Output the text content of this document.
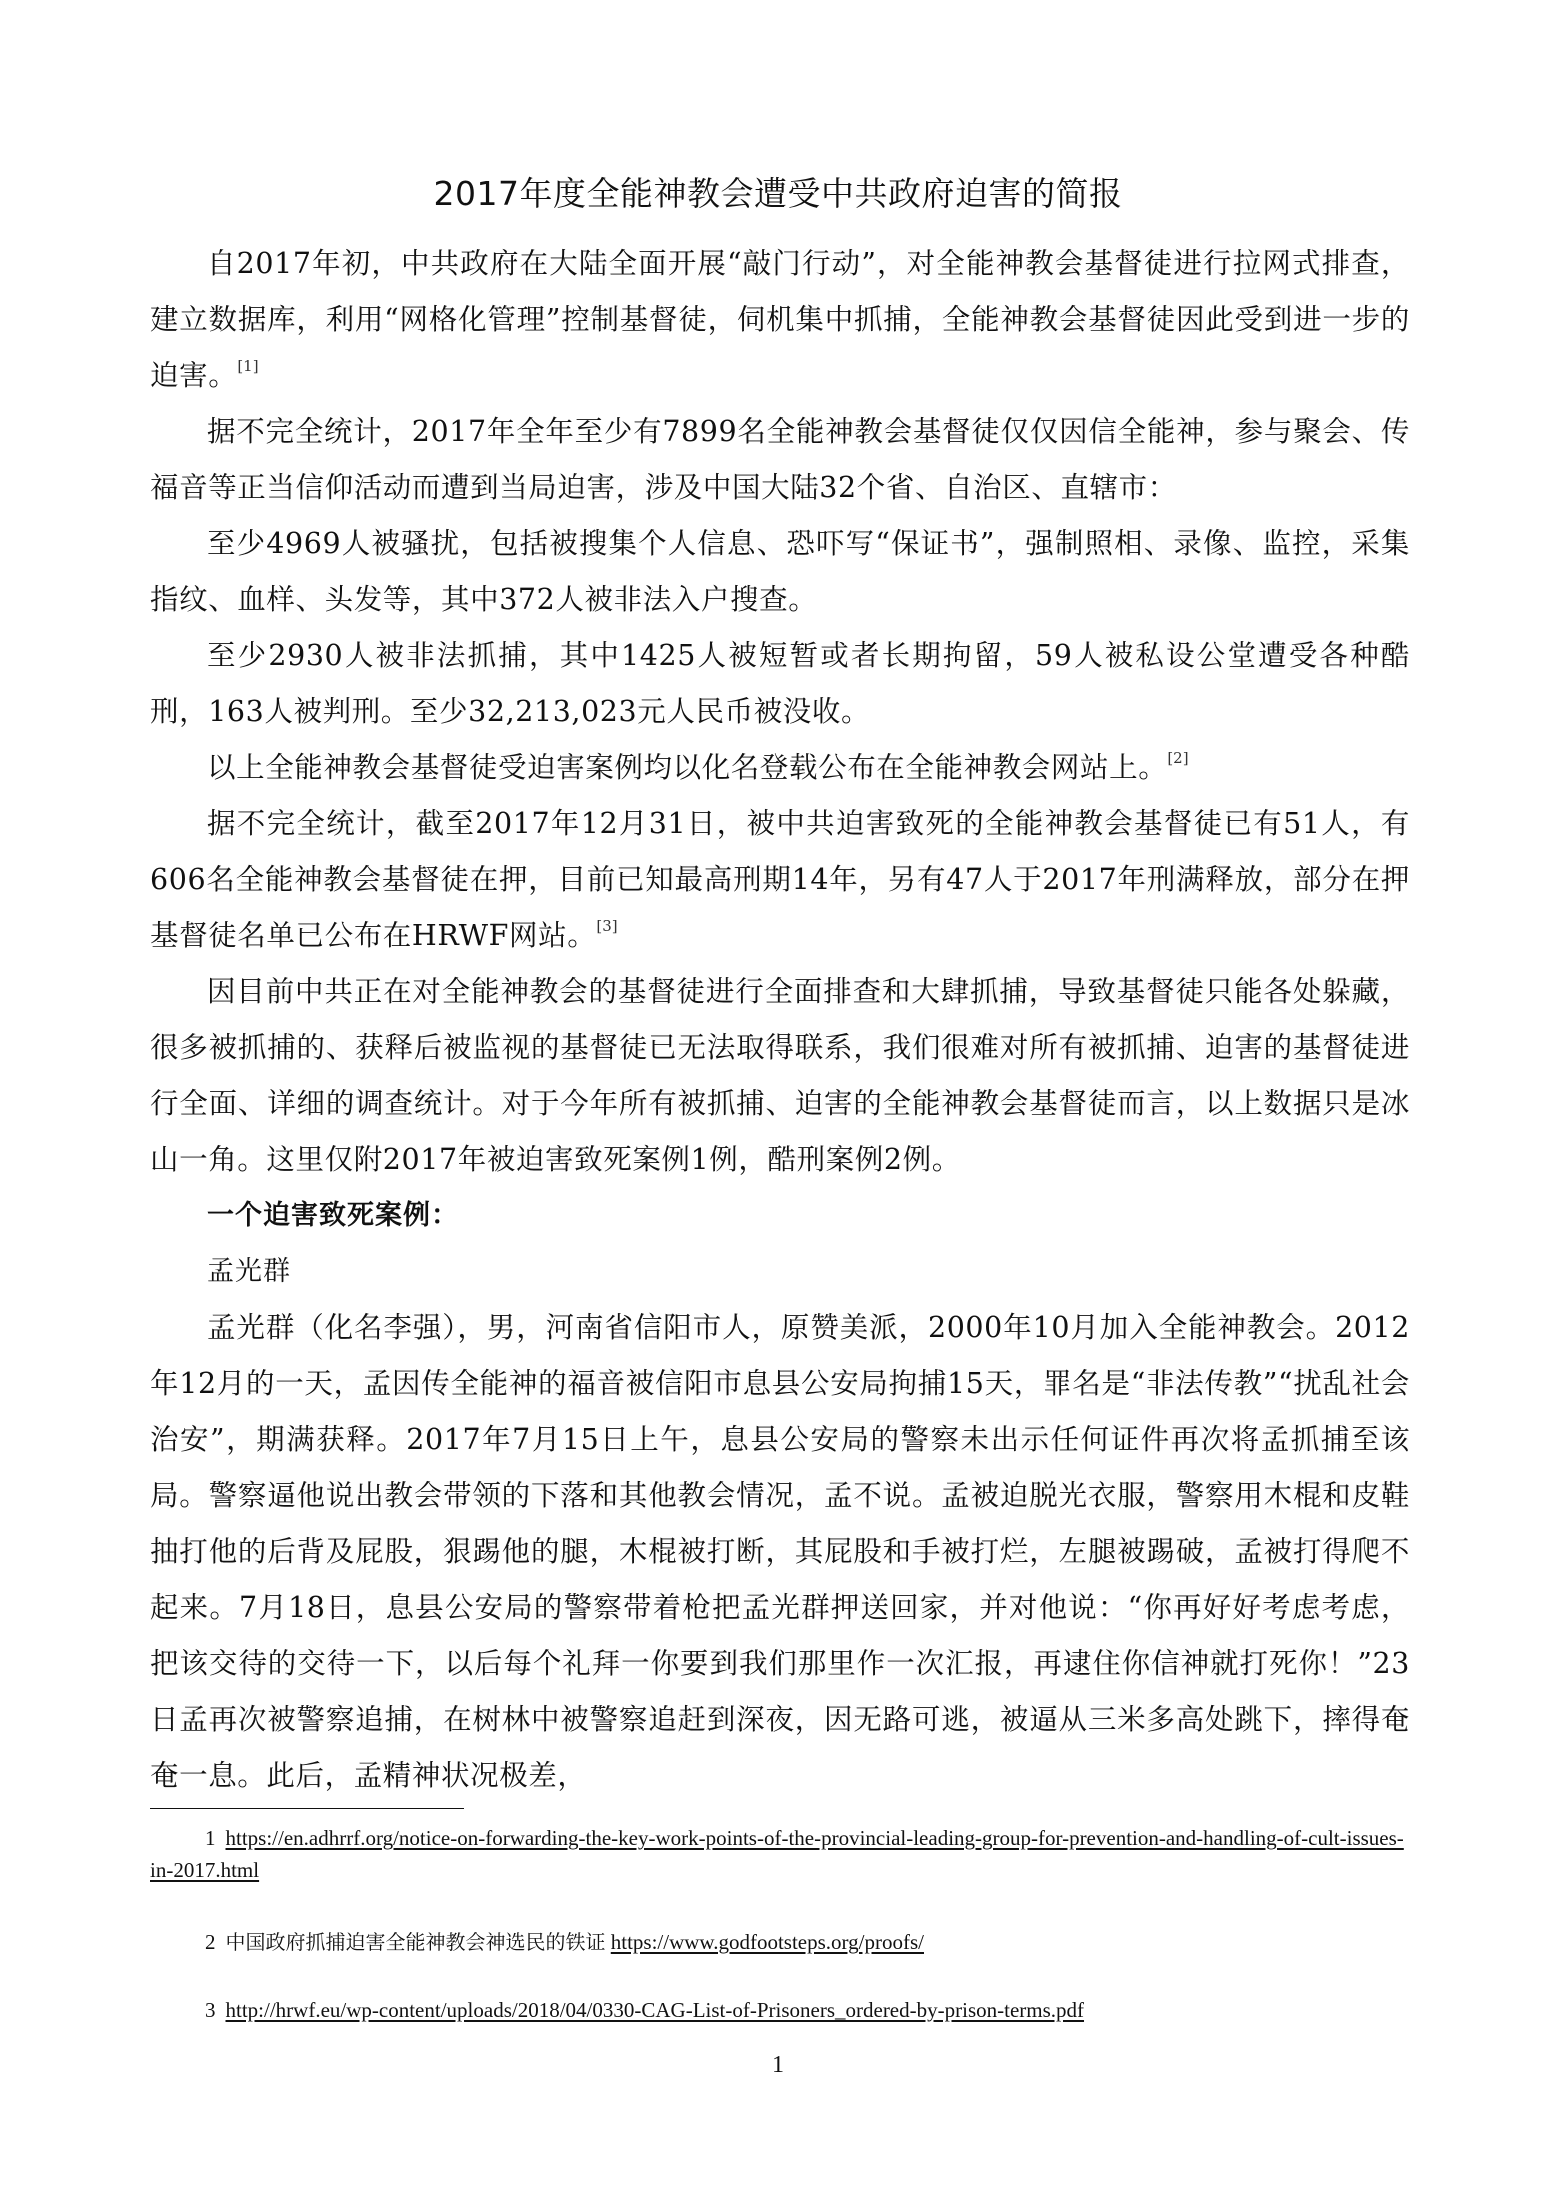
2017年度全能神教会遭受中共政府迫害的简报

自2017年初，中共政府在大陆全面开展“敲门行动”，对全能神教会基督徒进行拉网式排查，建立数据库，利用“网格化管理”控制基督徒，伺机集中抓捕，全能神教会基督徒因此受到进一步的迫害。[1]

据不完全统计，2017年全年至少有7899名全能神教会基督徒仅仅因信全能神，参与聚会、传福音等正当信仰活动而遭到当局迫害，涉及中国大陆32个省、自治区、直辖市：

至少4969人被骚扰，包括被搜集个人信息、恐吓写“保证书”，强制照相、录像、监控，采集指纹、血样、头发等，其中372人被非法入户搜查。

至少2930人被非法抓捕，其中1425人被短暂或者长期拘留，59人被私设公堂遭受各种酷刑，163人被判刑。至少32,213,023元人民币被没收。

以上全能神教会基督徒受迫害案例均以化名登载公布在全能神教会网站上。[2]

据不完全统计，截至2017年12月31日，被中共迫害致死的全能神教会基督徒已有51人，有606名全能神教会基督徒在押，目前已知最高刑期14年，另有47人于2017年刑满释放，部分在押基督徒名单已公布在HRWF网站。[3]

因目前中共正在对全能神教会的基督徒进行全面排查和大肆抓捕，导致基督徒只能各处躲藏，很多被抓捕的、获释后被监视的基督徒已无法取得联系，我们很难对所有被抓捕、迫害的基督徒进行全面、详细的调查统计。对于今年所有被抓捕、迫害的全能神教会基督徒而言，以上数据只是冰山一角。这里仅附2017年被迫害致死案例1例，酷刑案例2例。

一个迫害致死案例：

孟光群

孟光群（化名李强），男，河南省信阳市人，原赞美派，2000年10月加入全能神教会。2012年12月的一天，孟因传全能神的福音被信阳市息县公安局拘捕15天，罪名是“非法传教”“扰乱社会治安”，期满获释。2017年7月15日上午，息县公安局的警察未出示任何证件再次将孟抓捕至该局。警察逼他说出教会带领的下落和其他教会情况，孟不说。孟被迫脱光衣服，警察用木棍和皮鞋抽打他的后背及屁股，狠踢他的腿，木棍被打断，其屁股和手被打烂，左腿被踢破，孟被打得爬不起来。7月18日，息县公安局的警察带着枪把孟光群押送回家，并对他说：“你再好好考虑考虑，把该交待的交待一下，以后每个礼拜一你要到我们那里作一次汇报，再逮住你信神就打死你！”23日孟再次被警察追捕，在树林中被警察追赶到深夜，因无路可逃，被逼从三米多高处跳下，摔得奄奄一息。此后，孟精神状况极差，

1 https://en.adhrrf.org/notice-on-forwarding-the-key-work-points-of-the-provincial-leading-group-for-prevention-and-handling-of-cult-issues-in-2017.html
2 中国政府抓捕迫害全能神教会神选民的铁证 https://www.godfootsteps.org/proofs/
3 http://hrwf.eu/wp-content/uploads/2018/04/0330-CAG-List-of-Prisoners_ordered-by-prison-terms.pdf
1
